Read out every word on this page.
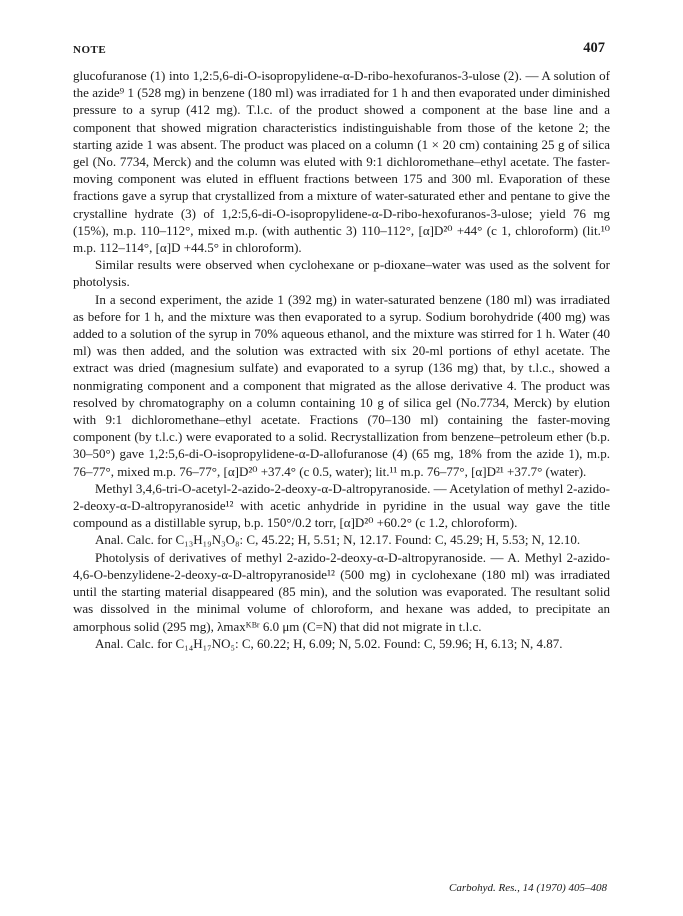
NOTE	407

glucofuranose (1) into 1,2:5,6-di-O-isopropylidene-α-D-ribo-hexofuranos-3-ulose (2). — A solution of the azide⁹ 1 (528 mg) in benzene (180 ml) was irradiated for 1 h and then evaporated under diminished pressure to a syrup (412 mg). T.l.c. of the product showed a component at the base line and a component that showed migration characteristics indistinguishable from those of the ketone 2; the starting azide 1 was absent. The product was placed on a column (1 × 20 cm) containing 25 g of silica gel (No. 7734, Merck) and the column was eluted with 9:1 dichloromethane–ethyl acetate. The faster-moving component was eluted in effluent fractions between 175 and 300 ml. Evaporation of these fractions gave a syrup that crystallized from a mixture of water-saturated ether and pentane to give the crystalline hydrate (3) of 1,2:5,6-di-O-isopropylidene-α-D-ribo-hexofuranos-3-ulose; yield 76 mg (15%), m.p. 110–112°, mixed m.p. (with authentic 3) 110–112°, [α]D²⁰ +44° (c 1, chloroform) (lit.¹⁰ m.p. 112–114°, [α]D +44.5° in chloroform).

Similar results were observed when cyclohexane or p-dioxane–water was used as the solvent for photolysis.

In a second experiment, the azide 1 (392 mg) in water-saturated benzene (180 ml) was irradiated as before for 1 h, and the mixture was then evaporated to a syrup. Sodium borohydride (400 mg) was added to a solution of the syrup in 70% aqueous ethanol, and the mixture was stirred for 1 h. Water (40 ml) was then added, and the solution was extracted with six 20-ml portions of ethyl acetate. The extract was dried (magnesium sulfate) and evaporated to a syrup (136 mg) that, by t.l.c., showed a nonmigrating component and a component that migrated as the allose derivative 4. The product was resolved by chromatography on a column containing 10 g of silica gel (No.7734, Merck) by elution with 9:1 dichloromethane–ethyl acetate. Fractions (70–130 ml) containing the faster-moving component (by t.l.c.) were evaporated to a solid. Recrystallization from benzene–petroleum ether (b.p. 30–50°) gave 1,2:5,6-di-O-isopropylidene-α-D-allofuranose (4) (65 mg, 18% from the azide 1), m.p. 76–77°, mixed m.p. 76–77°, [α]D²⁰ +37.4° (c 0.5, water); lit.¹¹ m.p. 76–77°, [α]D²¹ +37.7° (water).

Methyl 3,4,6-tri-O-acetyl-2-azido-2-deoxy-α-D-altropyranoside. — Acetylation of methyl 2-azido-2-deoxy-α-D-altropyranoside¹² with acetic anhydride in pyridine in the usual way gave the title compound as a distillable syrup, b.p. 150°/0.2 torr, [α]D²⁰ +60.2° (c 1.2, chloroform).

Anal. Calc. for C₁₃H₁₉N₃O₈: C, 45.22; H, 5.51; N, 12.17. Found: C, 45.29; H, 5.53; N, 12.10.

Photolysis of derivatives of methyl 2-azido-2-deoxy-α-D-altropyranoside. — A. Methyl 2-azido-4,6-O-benzylidene-2-deoxy-α-D-altropyranoside¹² (500 mg) in cyclohexane (180 ml) was irradiated until the starting material disappeared (85 min), and the solution was evaporated. The resultant solid was dissolved in the minimal volume of chloroform, and hexane was added, to precipitate an amorphous solid (295 mg), λmaxᴷᴮʳ 6.0 μm (C=N) that did not migrate in t.l.c.

Anal. Calc. for C₁₄H₁₇NO₅: C, 60.22; H, 6.09; N, 5.02. Found: C, 59.96; H, 6.13; N, 4.87.

Carbohyd. Res., 14 (1970) 405–408
